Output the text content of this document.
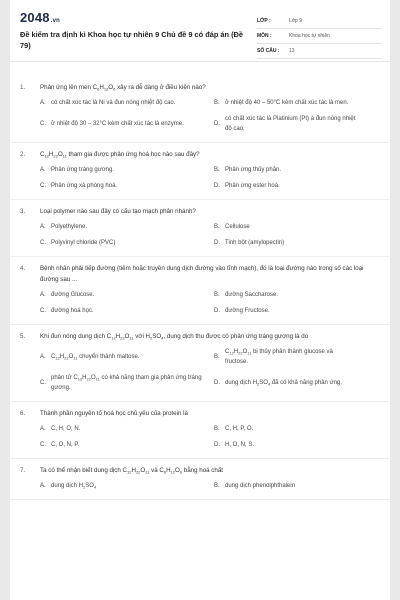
2048.vn
Đề kiểm tra định kì Khoa học tự nhiên 9 Chủ đề 9 có đáp án (Đề 79)
LỚP :	Lớp 9
MÔN :	Khoa học tự nhiên
SỐ CÂU :	13
1.	Phản ứng lên men $C_6H_{12}O_6$ xảy ra dễ dàng ở điều kiện nào?
A. có chất xúc tác là Ni và đun nóng nhiệt độ cao.	B. ở nhiệt độ 40 – 50°C kèm chất xúc tác là men.
C. ở nhiệt độ 30 – 32°C kèm chất xúc tác là enzyme.	D.
có chất xúc tác là Platinium (Pt) à đun nóng nhiệt độ cao.
2.	$C_{12}H_{22}O_{11}$ tham gia được phản ứng hoá học nào sau đây?
A. Phản ứng tráng gương.	B. Phản ứng thủy phân.
C. Phản ứng xà phòng hoá.	D. Phản ứng ester hoá.
3.	Loại polymer nào sau đây có cấu tạo mạch phân nhánh?
A. Polyethylene.	B. Cellulose
C. Polyvinyl chloride (PVC)	D. Tinh bột (amylopectin)
4.	Bệnh nhân phải tiếp đường (tiêm hoặc truyền dung dịch đường vào tĩnh mạch), đó là loại đường nào trong số các loại đường sau ...
A. đường Glucose.	B. đường Saccharose.
C. đường hoá học.	D. đường Fructose.
5.	Khi đun nóng dung dịch $C_{12}H_{22}O_{11}$ với $H_2SO_4$, dung dịch thu được có phản ứng tráng gương là do
A. $C_{12}H_{22}O_{11}$ chuyển thành maltose.	B.
$C_{12}H_{22}O_{11}$ bị thủy phân thành glucose và fructose.
C.
phân tử $C_{12}H_{22}O_{11}$ có khả năng tham gia phản ứng tráng gương.
D. dung dịch $H_2SO_4$ đã có khả năng phản ứng.
6.	Thành phần nguyên tố hoá học chủ yếu của protein là
A. C, H, O, N.	B. C, H, P, O.
C. C, O, N, P.	D. H, O, N, S.
7.	Ta có thể nhận biết dung dịch $C_{12}H_{22}O_{11}$ và $C_6H_{12}O_6$ bằng hoá chất
A. dung dịch $H_2SO_4$	B. dung dịch phenolphthalein
